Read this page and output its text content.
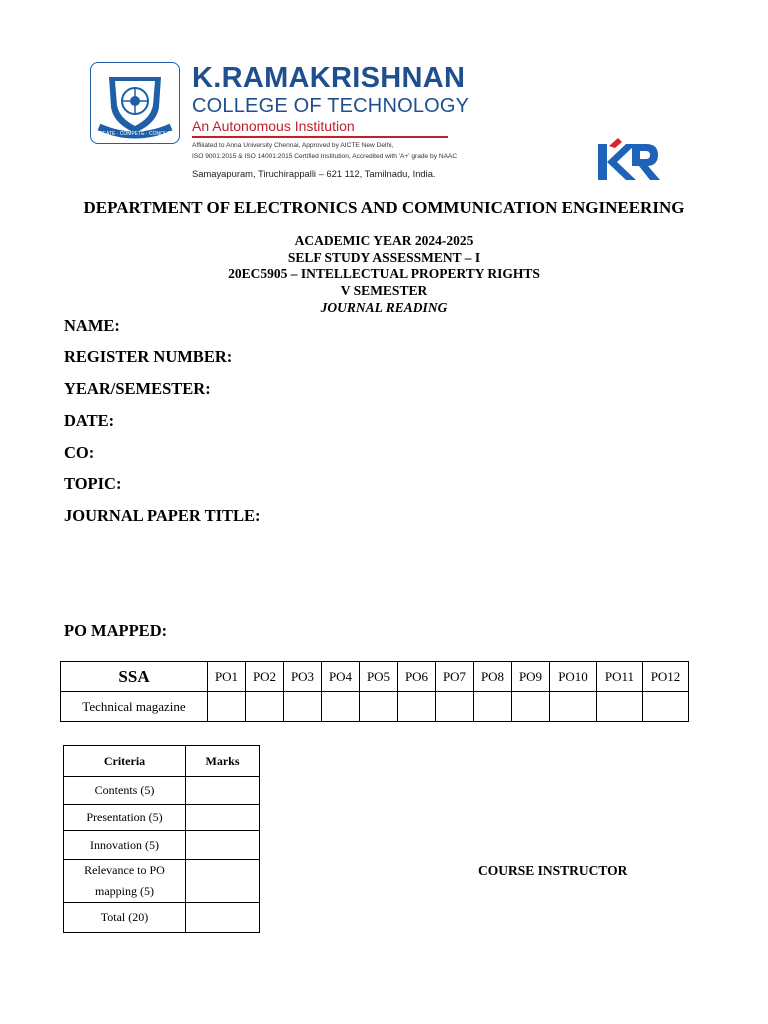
CREATE · COMPETE · CONQUER
K.RAMAKRISHNAN
COLLEGE OF TECHNOLOGY
An Autonomous Institution
Affiliated to Anna University Chennai, Approved by AICTE New Delhi,
ISO 9001:2015 & ISO 14001:2015 Certified Institution, Accredited with 'A+' grade by NAAC
Samayapuram, Tiruchirappalli – 621 112, Tamilnadu, India.
DEPARTMENT OF ELECTRONICS AND COMMUNICATION ENGINEERING
ACADEMIC YEAR 2024-2025
SELF STUDY ASSESSMENT – I
20EC5905 – INTELLECTUAL PROPERTY RIGHTS
V SEMESTER
JOURNAL READING
NAME:
REGISTER NUMBER:
YEAR/SEMESTER:
DATE:
CO:
TOPIC:
JOURNAL PAPER TITLE:
PO MAPPED:
SSA	PO1	PO2	PO3	PO4	PO5	PO6	PO7	PO8	PO9	PO10	PO11	PO12
Technical magazine												
Criteria	Marks
Contents (5)	
Presentation (5)	
Innovation (5)	

Relevance to PO
mapping (5)	

Total (20)	
COURSE INSTRUCTOR
